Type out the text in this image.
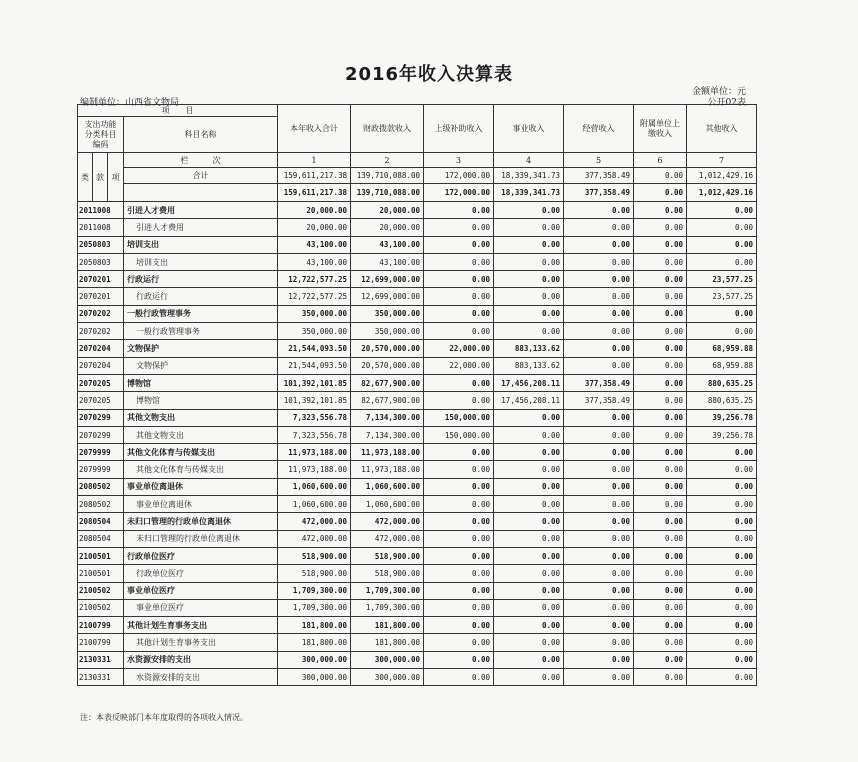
2016年收入决算表
金额单位：元
编制单位：山西省文物局	公开02表
项　　目				本年收入合计	财政拨款收入	上级补助收入	事业收入	经营收入	附属单位上缴收入	其他收入
支出功能分类科目编码			科目名称							

类	款	项	栏　　　次	1	2	3	4	5	6	7
			合计	159,611,217.38	139,710,088.00	172,000.00	18,339,341.73	377,358.49	0.00	1,012,429.16
				159,611,217.38	139,710,088.00	172,000.00	18,339,341.73	377,358.49	0.00	1,012,429.16
2011008			引进人才费用	20,000.00	20,000.00	0.00	0.00	0.00	0.00	0.00
2011008			引进人才费用	20,000.00	20,000.00	0.00	0.00	0.00	0.00	0.00
2050803			培训支出	43,100.00	43,100.00	0.00	0.00	0.00	0.00	0.00
2050803			培训支出	43,100.00	43,100.00	0.00	0.00	0.00	0.00	0.00
2070201			行政运行	12,722,577.25	12,699,000.00	0.00	0.00	0.00	0.00	23,577.25
2070201			行政运行	12,722,577.25	12,699,000.00	0.00	0.00	0.00	0.00	23,577.25
2070202			一般行政管理事务	350,000.00	350,000.00	0.00	0.00	0.00	0.00	0.00
2070202			一般行政管理事务	350,000.00	350,000.00	0.00	0.00	0.00	0.00	0.00
2070204			文物保护	21,544,093.50	20,570,000.00	22,000.00	883,133.62	0.00	0.00	68,959.88
2070204			文物保护	21,544,093.50	20,570,000.00	22,000.00	883,133.62	0.00	0.00	68,959.88
2070205			博物馆	101,392,101.85	82,677,900.00	0.00	17,456,208.11	377,358.49	0.00	880,635.25
2070205			博物馆	101,392,101.85	82,677,900.00	0.00	17,456,208.11	377,358.49	0.00	880,635.25
2070299			其他文物支出	7,323,556.78	7,134,300.00	150,000.00	0.00	0.00	0.00	39,256.78
2070299			其他文物支出	7,323,556.78	7,134,300.00	150,000.00	0.00	0.00	0.00	39,256.78
2079999			其他文化体育与传媒支出	11,973,188.00	11,973,188.00	0.00	0.00	0.00	0.00	0.00
2079999			其他文化体育与传媒支出	11,973,188.00	11,973,188.00	0.00	0.00	0.00	0.00	0.00
2080502			事业单位离退休	1,060,600.00	1,060,600.00	0.00	0.00	0.00	0.00	0.00
2080502			事业单位离退休	1,060,600.00	1,060,600.00	0.00	0.00	0.00	0.00	0.00
2080504			未归口管理的行政单位离退休	472,000.00	472,000.00	0.00	0.00	0.00	0.00	0.00
2080504			未归口管理的行政单位离退休	472,000.00	472,000.00	0.00	0.00	0.00	0.00	0.00
2100501			行政单位医疗	518,900.00	518,900.00	0.00	0.00	0.00	0.00	0.00
2100501			行政单位医疗	518,900.00	518,900.00	0.00	0.00	0.00	0.00	0.00
2100502			事业单位医疗	1,709,300.00	1,709,300.00	0.00	0.00	0.00	0.00	0.00
2100502			事业单位医疗	1,709,300.00	1,709,300.00	0.00	0.00	0.00	0.00	0.00
2100799			其他计划生育事务支出	181,800.00	181,800.00	0.00	0.00	0.00	0.00	0.00
2100799			其他计划生育事务支出	181,800.00	181,800.00	0.00	0.00	0.00	0.00	0.00
2130331			水资源安排的支出	300,000.00	300,000.00	0.00	0.00	0.00	0.00	0.00
2130331			水资源安排的支出	300,000.00	300,000.00	0.00	0.00	0.00	0.00	0.00
注：本表反映部门本年度取得的各项收入情况。
